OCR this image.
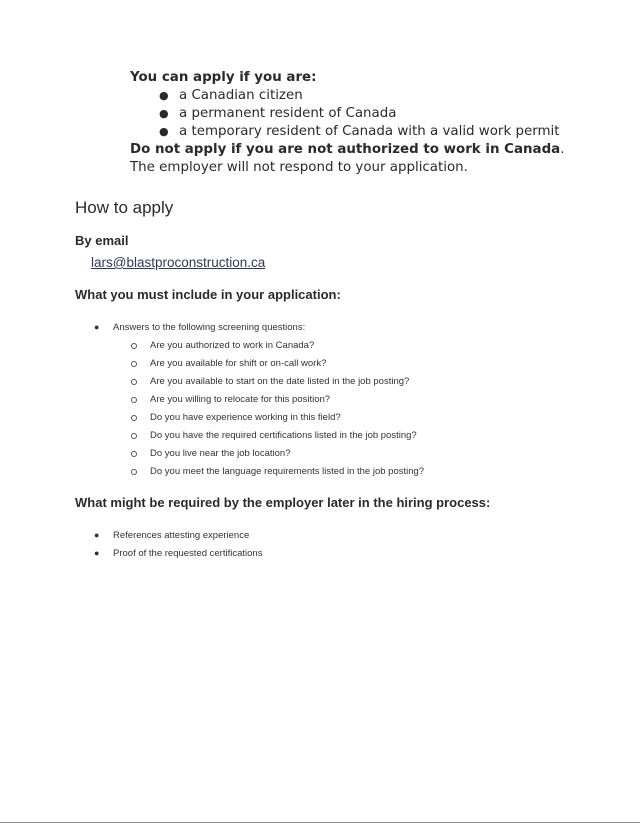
You can apply if you are:

● a Canadian citizen
● a permanent resident of Canada
● a temporary resident of Canada with a valid work permit

Do not apply if you are not authorized to work in Canada. The employer will not respond to your application.

How to apply
By email
lars@blastproconstruction.ca
What you must include in your application:
● Answers to the following screening questions:
Are you authorized to work in Canada?
Are you available for shift or on-call work?
Are you available to start on the date listed in the job posting?
Are you willing to relocate for this position?
Do you have experience working in this field?
Do you have the required certifications listed in the job posting?
Do you live near the job location?
Do you meet the language requirements listed in the job posting?
What might be required by the employer later in the hiring process:
● References attesting experience
● Proof of the requested certifications
